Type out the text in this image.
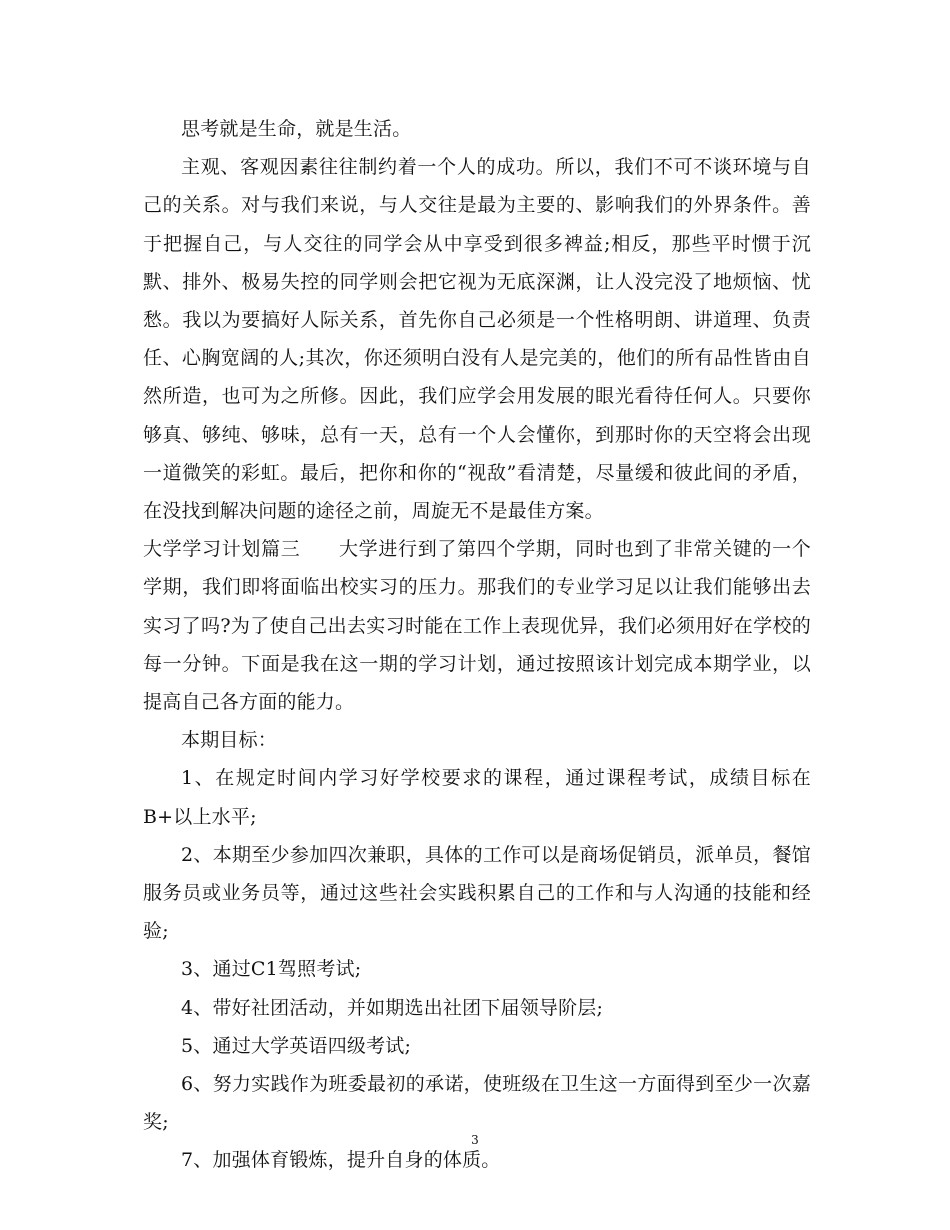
思考就是生命，就是生活。

主观、客观因素往往制约着一个人的成功。所以，我们不可不谈环境与自己的关系。对与我们来说，与人交往是最为主要的、影响我们的外界条件。善于把握自己，与人交往的同学会从中享受到很多裨益;相反，那些平时惯于沉默、排外、极易失控的同学则会把它视为无底深渊，让人没完没了地烦恼、忧愁。我以为要搞好人际关系，首先你自己必须是一个性格明朗、讲道理、负责任、心胸宽阔的人;其次，你还须明白没有人是完美的，他们的所有品性皆由自然所造，也可为之所修。因此，我们应学会用发展的眼光看待任何人。只要你够真、够纯、够味，总有一天，总有一个人会懂你，到那时你的天空将会出现一道微笑的彩虹。最后，把你和你的“视敌”看清楚，尽量缓和彼此间的矛盾，在没找到解决问题的途径之前，周旋无不是最佳方案。

大学学习计划篇三 大学进行到了第四个学期，同时也到了非常关键的一个学期，我们即将面临出校实习的压力。那我们的专业学习足以让我们能够出去实习了吗?为了使自己出去实习时能在工作上表现优异，我们必须用好在学校的每一分钟。下面是我在这一期的学习计划，通过按照该计划完成本期学业，以提高自己各方面的能力。

本期目标：

1、在规定时间内学习好学校要求的课程，通过课程考试，成绩目标在B+以上水平;

2、本期至少参加四次兼职，具体的工作可以是商场促销员，派单员，餐馆服务员或业务员等，通过这些社会实践积累自己的工作和与人沟通的技能和经验;

3、通过C1驾照考试;

4、带好社团活动，并如期选出社团下届领导阶层;

5、通过大学英语四级考试;

6、努力实践作为班委最初的承诺，使班级在卫生这一方面得到至少一次嘉奖;

7、加强体育锻炼，提升自身的体质。

3
